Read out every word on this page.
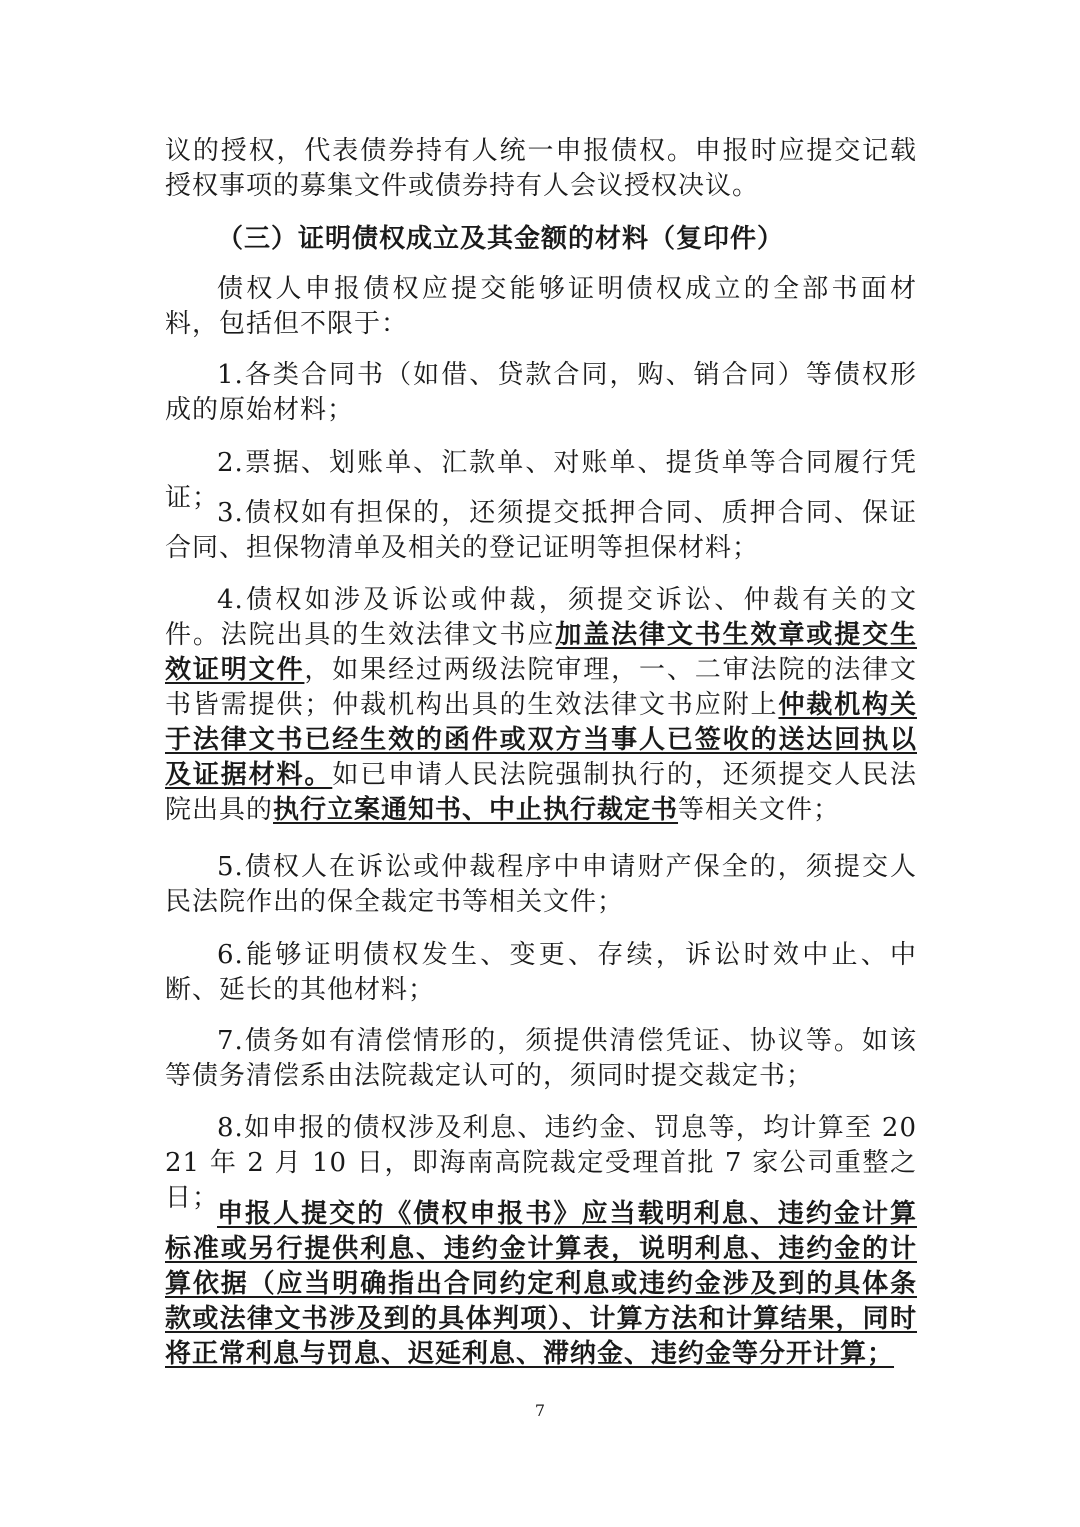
议的授权，代表债券持有人统一申报债权。申报时应提交记载授权事项的募集文件或债券持有人会议授权决议。
（三）证明债权成立及其金额的材料（复印件）
债权人申报债权应提交能够证明债权成立的全部书面材料，包括但不限于：
1.各类合同书（如借、贷款合同，购、销合同）等债权形成的原始材料；
2.票据、划账单、汇款单、对账单、提货单等合同履行凭证；
3.债权如有担保的，还须提交抵押合同、质押合同、保证合同、担保物清单及相关的登记证明等担保材料；
4.债权如涉及诉讼或仲裁，须提交诉讼、仲裁有关的文件。法院出具的生效法律文书应加盖法律文书生效章或提交生效证明文件，如果经过两级法院审理，一、二审法院的法律文书皆需提供；仲裁机构出具的生效法律文书应附上仲裁机构关于法律文书已经生效的函件或双方当事人已签收的送达回执以及证据材料。如已申请人民法院强制执行的，还须提交人民法院出具的执行立案通知书、中止执行裁定书等相关文件；
5.债权人在诉讼或仲裁程序中申请财产保全的，须提交人民法院作出的保全裁定书等相关文件；
6.能够证明债权发生、变更、存续，诉讼时效中止、中断、延长的其他材料；
7.债务如有清偿情形的，须提供清偿凭证、协议等。如该等债务清偿系由法院裁定认可的，须同时提交裁定书；
8.如申报的债权涉及利息、违约金、罚息等，均计算至 2021 年 2 月 10 日，即海南高院裁定受理首批 7 家公司重整之日；
申报人提交的《债权申报书》应当载明利息、违约金计算标准或另行提供利息、违约金计算表，说明利息、违约金的计算依据（应当明确指出合同约定利息或违约金涉及到的具体条款或法律文书涉及到的具体判项）、计算方法和计算结果，同时将正常利息与罚息、迟延利息、滞纳金、违约金等分开计算；
7
